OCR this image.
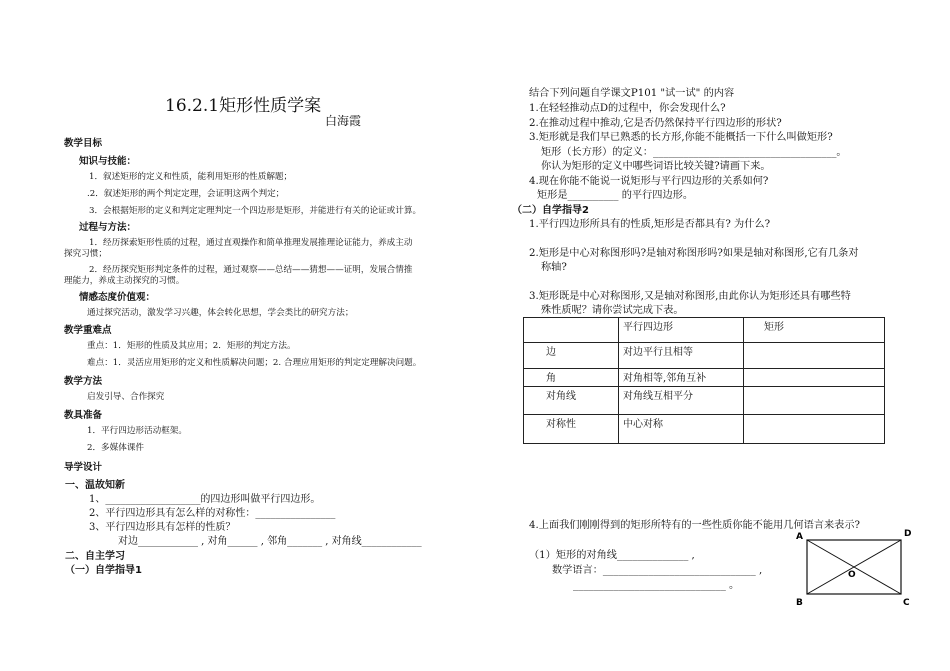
16.2.1矩形性质学案
白海霞
教学目标
知识与技能：
1．叙述矩形的定义和性质，能利用矩形的性质解题；
.2．叙述矩形的两个判定定理，会证明这两个判定；
3．会根据矩形的定义和判定定理判定一个四边形是矩形，并能进行有关的论证或计算。
过程与方法：
1．经历探索矩形性质的过程，通过直观操作和简单推理发展推理论证能力，养成主动
探究习惯；
2．经历探究矩形判定条件的过程，通过观察——总结——猜想——证明，发展合情推
理能力，养成主动探究的习惯。
情感态度价值观：
通过探究活动，激发学习兴趣，体会转化思想，学会类比的研究方法；
教学重难点
重点：1．矩形的性质及其应用；2．矩形的判定方法。
难点：1．灵活应用矩形的定义和性质解决问题；2. 合理应用矩形的判定定理解决问题。
教学方法
启发引导、合作探究
教具准备
1．平行四边形活动框架。
2．多媒体课件
导学设计
一、温故知新
1、___________________的四边形叫做平行四边形。
2、平行四边形具有怎么样的对称性：________________
3、平行四边形具有怎样的性质？
对边____________ , 对角______ , 邻角_______ , 对角线____________
二、自主学习
（一）自学指导1
结合下列问题自学课文P101 "试一试" 的内容
1.在轻轻推动点D的过程中，你会发现什么?
2.在推动过程中推动,它是否仍然保持平行四边形的形状?
3.矩形就是我们早已熟悉的长方形,你能不能概括一下什么叫做矩形?
矩形（长方形）的定义：____________________________________。
你认为矩形的定义中哪些词语比较关键?请画下来。
4.现在你能不能说一说矩形与平行四边形的关系如何?
矩形是__________ 的平行四边形。
（二）自学指导2
1.平行四边形所具有的性质,矩形是否都具有? 为什么?
2.矩形是中心对称图形吗?是轴对称图形吗?如果是轴对称图形,它有几条对
称轴?
3.矩形既是中心对称图形,又是轴对称图形,由此你认为矩形还具有哪些特
殊性质呢？请你尝试完成下表。
	平行四边形	矩形
边	对边平行且相等	
角	对角相等,邻角互补	
对角线	对角线互相平分	
对称性	中心对称	
4.上面我们刚刚得到的矩形所特有的一些性质你能不能用几何语言来表示?
（1）矩形的对角线______________ ,
数学语言：______________________________ ,
______________________________ 。
A	D
O
B	C
